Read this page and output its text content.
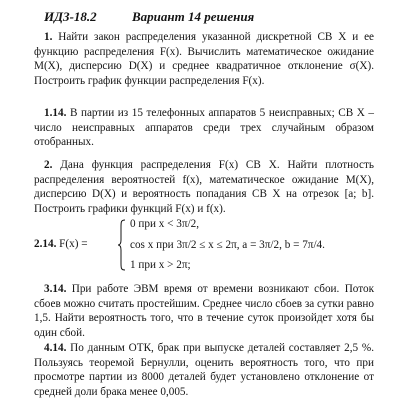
ИДЗ-18.2	Вариант 14 решения
1. Найти закон распределения указанной дискретной СВ X и ее функцию распределения F(x). Вычислить математическое ожидание M(X), дисперсию D(X) и среднее квадратичное отклонение σ(X). Построить график функции распределения F(x).
1.14. В партии из 15 телефонных аппаратов 5 неисправных; СВ X – число неисправных аппаратов среди трех случайным образом отобранных.
2. Дана функция распределения F(x) СВ X. Найти плотность распределения вероятностей f(x), математическое ожидание M(X), дисперсию D(X) и вероятность попадания СВ X на отрезок [a; b]. Построить графики функций F(x) и f(x).
2.14. F(x) =
0 при x < 3π/2,
cos x при 3π/2 ≤ x ≤ 2π, a = 3π/2, b = 7π/4.
1 при x > 2π;
3.14. При работе ЭВМ время от времени возникают сбои. Поток сбоев можно считать простейшим. Среднее число сбоев за сутки равно 1,5. Найти вероятность того, что в течение суток произойдет хотя бы один сбой.
4.14. По данным ОТК, брак при выпуске деталей составляет 2,5 %. Пользуясь теоремой Бернулли, оценить вероятность того, что при просмотре партии из 8000 деталей будет установлено отклонение от средней доли брака менее 0,005.
